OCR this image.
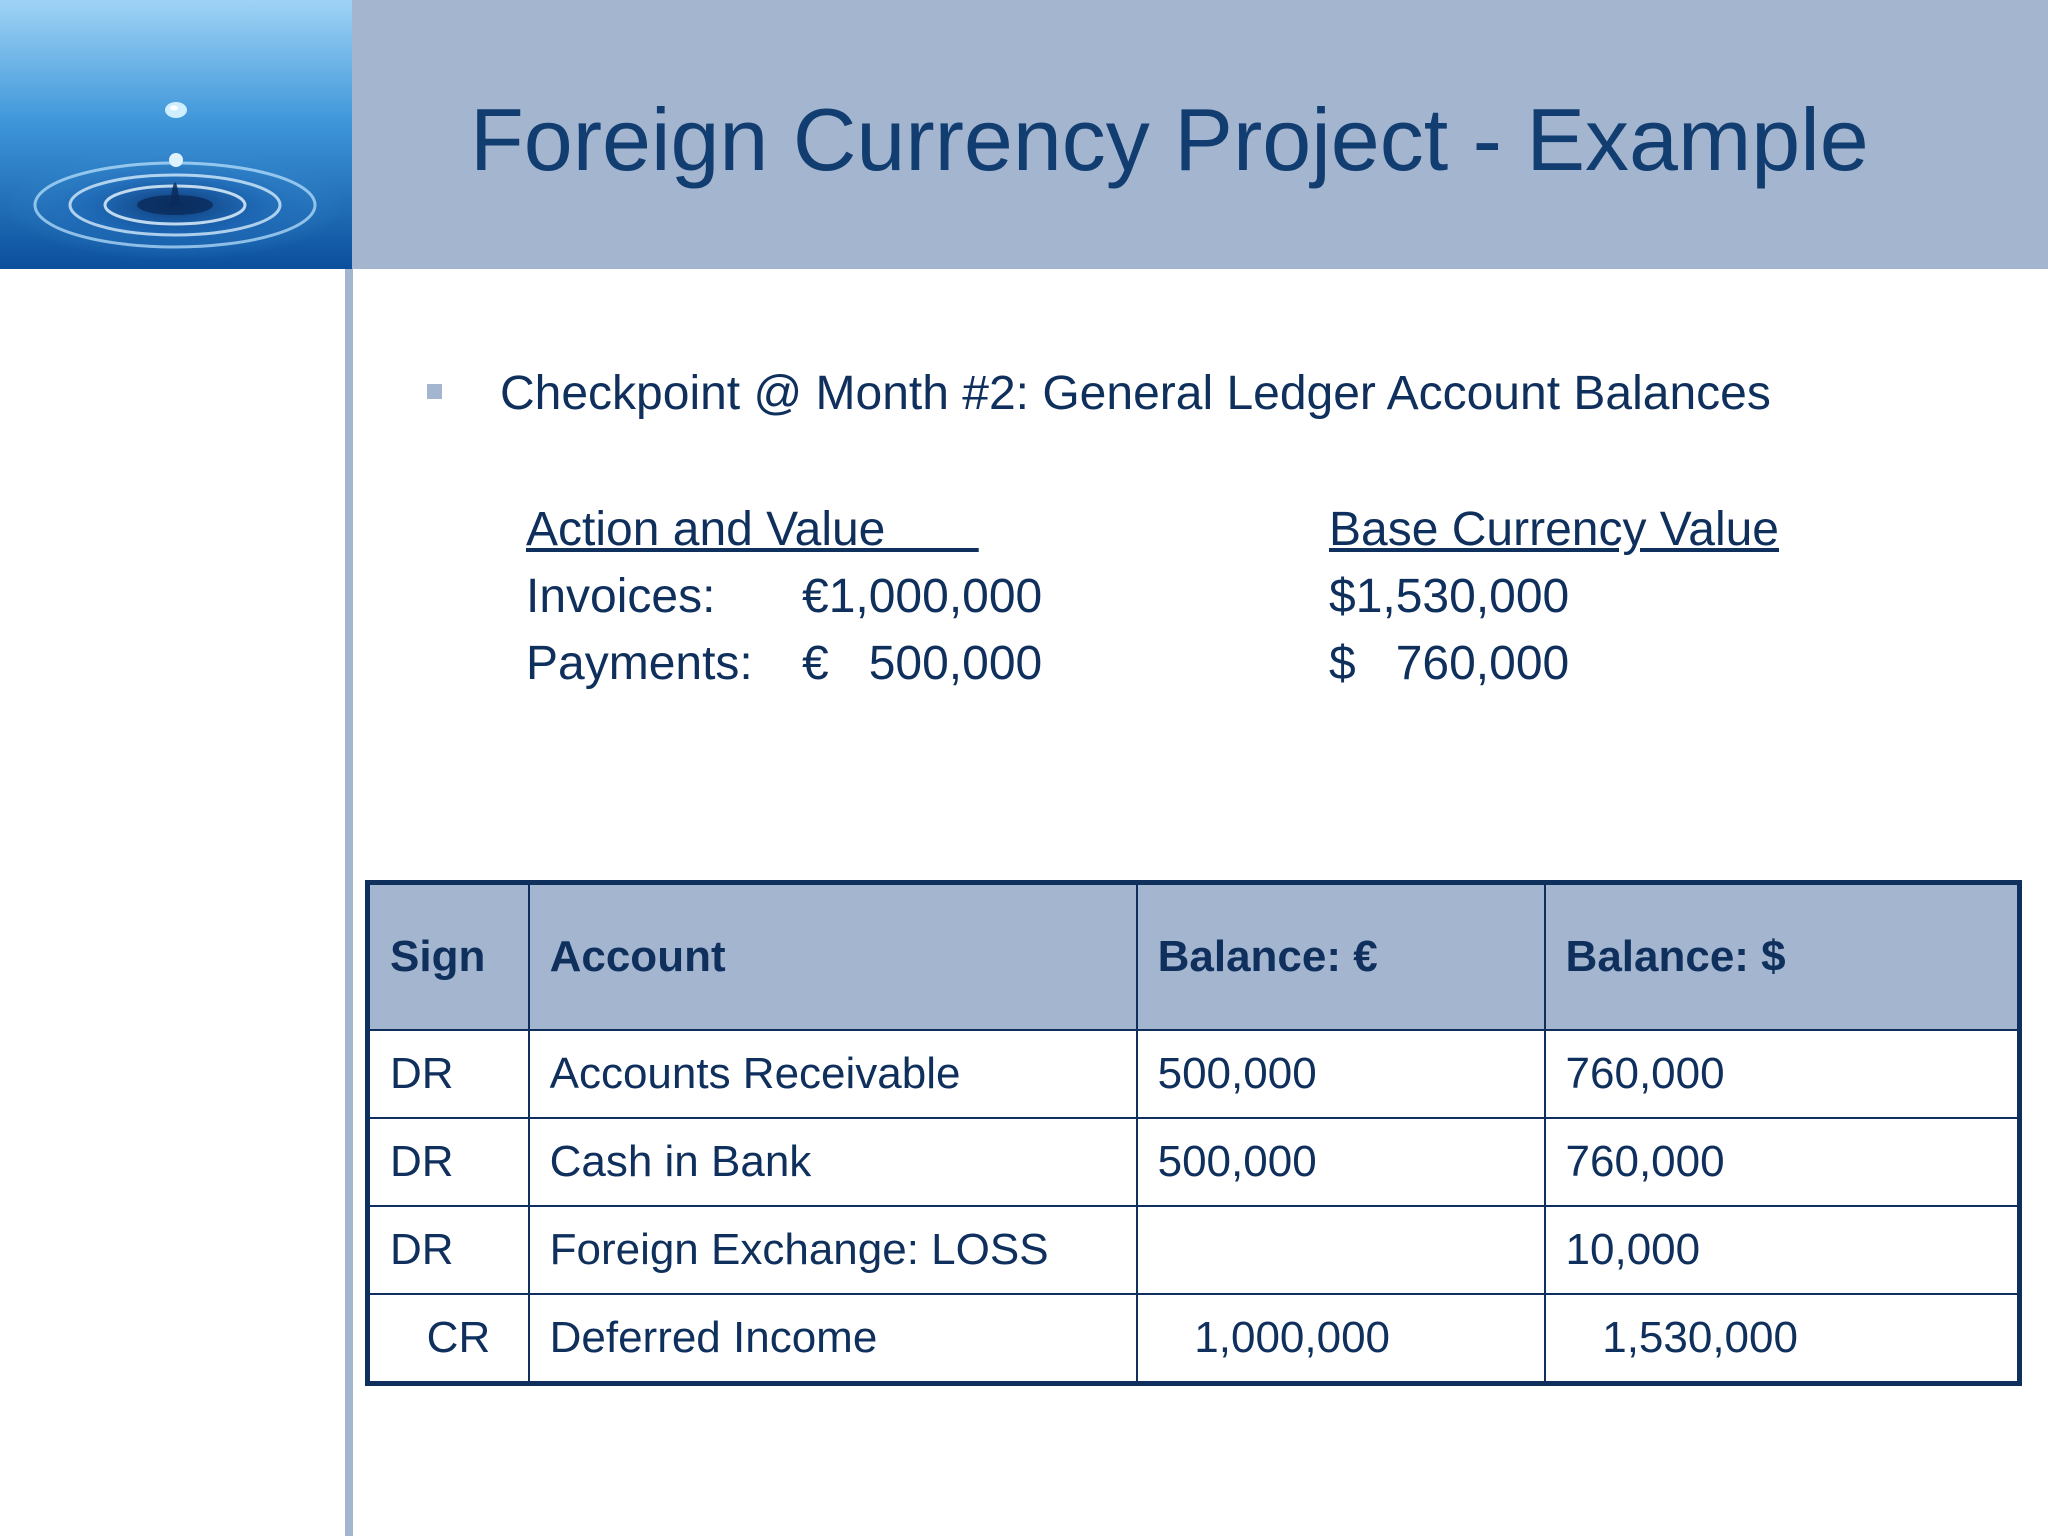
Foreign Currency Project - Example
Checkpoint @ Month #2: General Ledger Account Balances
Action and Value	Base Currency Value
Invoices: €1,000,000	$1,530,000
Payments: €   500,000	$   760,000
Sign	Account	Balance: €	Balance: $
DR	Accounts Receivable	500,000	760,000
DR	Cash in Bank	500,000	760,000
DR	Foreign Exchange: LOSS		10,000
CR	Deferred Income	1,000,000	1,530,000
